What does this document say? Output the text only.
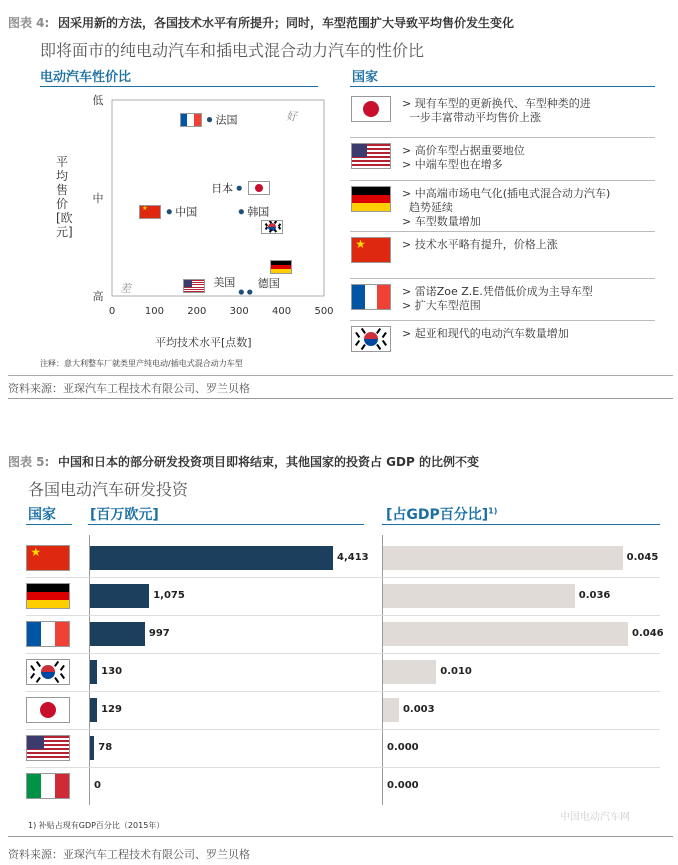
图表 4: 因采用新的方法，各国技术水平有所提升；同时，车型范围扩大导致平均售价发生变化
即将面市的纯电动汽车和插电式混合动力汽车的性价比
电动汽车性价比	国家
0	100 200 300 400 500
低
中
高
法国
日本
中国	韩国
美国 德国
平均售价[欧元]
平均技术水平[点数]
好
差
注释：意大利整车厂就类里产纯电动/插电式混合动力车型
★
> 现有车型的更新换代、车型种类的进
一步丰富带动平均售价上涨
> 高价车型占据重要地位
> 中端车型也在增多
> 中高端市场电气化(插电式混合动力汽车)
趋势延续
> 车型数量增加
★	> 技术水平略有提升，价格上涨
> 雷诺Zoe Z.E.凭借低价成为主导车型
> 扩大车型范围
> 起亚和现代的电动汽车数量增加
资料来源：亚琛汽车工程技术有限公司、罗兰贝格
图表 5: 中国和日本的部分研发投资项目即将结束，其他国家的投资占 GDP 的比例不变
各国电动汽车研发投资
国家 [百万欧元]	[占GDP百分比]$^{1)}$
★	4,413	0.045
1,075	0.036
997	0.046
130	0.010
129	0.003
78	0.000
0	0.000
1) 补贴占现有GDP百分比（2015年）
中国电动汽车网
资料来源：亚琛汽车工程技术有限公司、罗兰贝格
